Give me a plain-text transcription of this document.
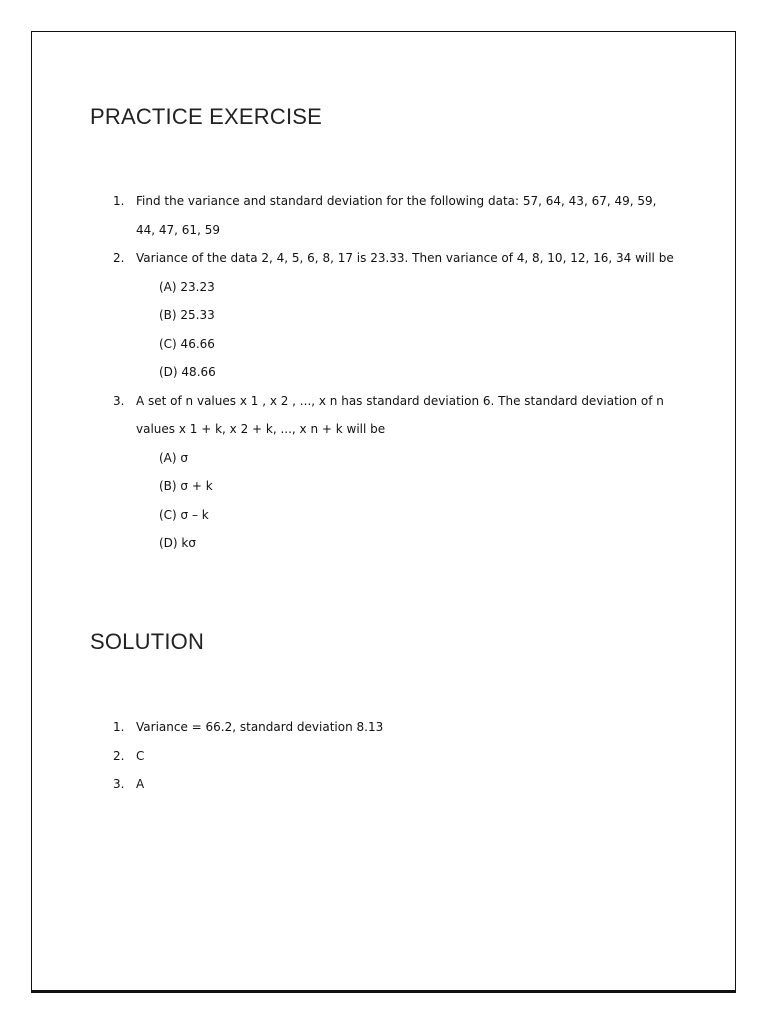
PRACTICE EXERCISE
1. Find the variance and standard deviation for the following data: 57, 64, 43, 67, 49, 59,
44, 47, 61, 59
2. Variance of the data 2, 4, 5, 6, 8, 17 is 23.33. Then variance of 4, 8, 10, 12, 16, 34 will be
(A) 23.23
(B) 25.33
(C) 46.66
(D) 48.66
3. A set of n values x 1 , x 2 , ..., x n has standard deviation 6. The standard deviation of n
values x 1 + k, x 2 + k, ..., x n + k will be
(A) σ
(B) σ + k
(C) σ – k
(D) kσ
SOLUTION
1. Variance = 66.2, standard deviation 8.13
2. C
3. A
